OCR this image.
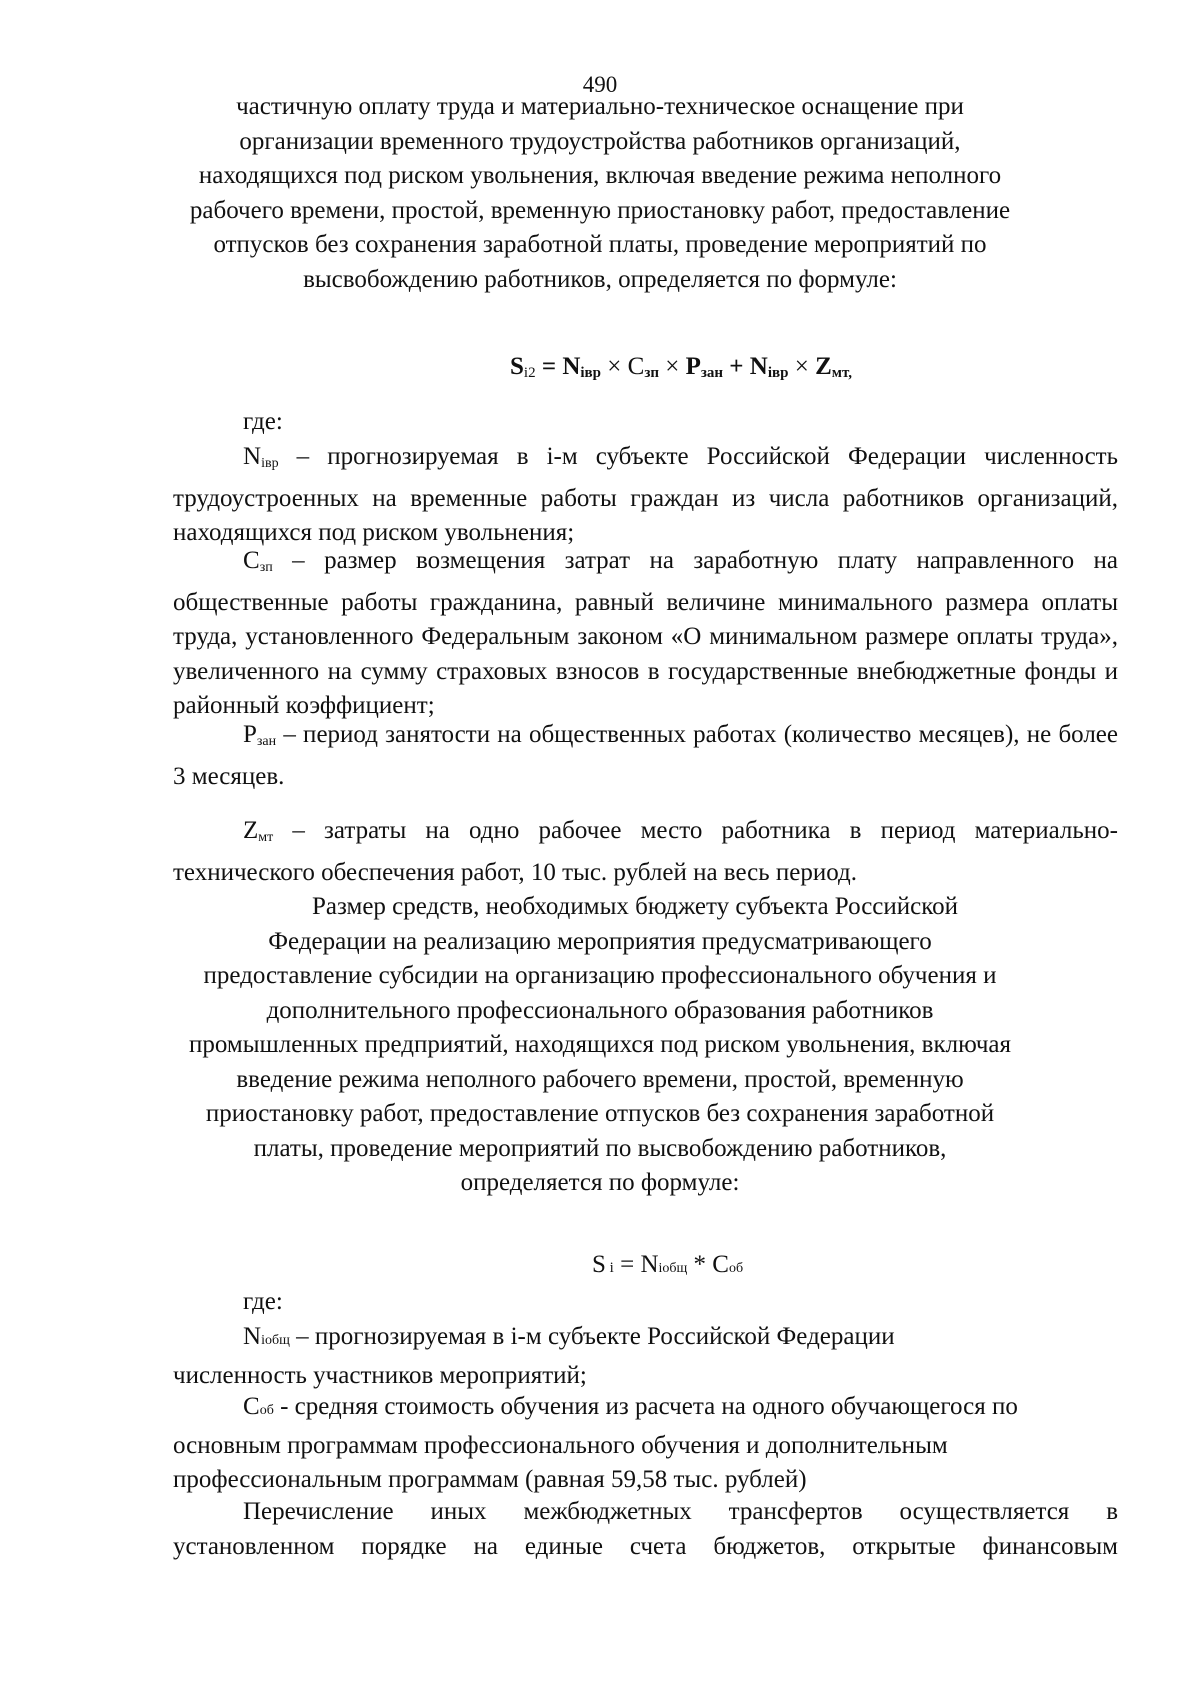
490
частичную оплату труда и материально-техническое оснащение при
организации временного трудоустройства работников организаций,
находящихся под риском увольнения, включая введение режима неполного
рабочего времени, простой, временную приостановку работ, предоставление
отпусков без сохранения заработной платы, проведение мероприятий по
высвобождению работников, определяется по формуле:
$S_{i2}$ = Niвр × Cзп × Pзан + Niвр × Zмт,
где:
$N_{iвр}$ – прогнозируемая в i-м субъекте Российской Федерации численность трудоустроенных на временные работы граждан из числа работников организаций, находящихся под риском увольнения;
$C_{зп}$ – размер возмещения затрат на заработную плату направленного на общественные работы гражданина, равный величине минимального размера оплаты труда, установленного Федеральным законом «О минимальном размере оплаты труда», увеличенного на сумму страховых взносов в государственные внебюджетные фонды и районный коэффициент;
$P_{зан}$ – период занятости на общественных работах (количество месяцев), не более 3 месяцев.
$Z_{мт}$ – затраты на одно рабочее место работника в период материально-технического обеспечения работ, 10 тыс. рублей на весь период.
Размер средств, необходимых бюджету субъекта Российской
Федерации на реализацию мероприятия предусматривающего
предоставление субсидии на организацию профессионального обучения и
дополнительного профессионального образования работников
промышленных предприятий, находящихся под риском увольнения, включая
введение режима неполного рабочего времени, простой, временную
приостановку работ, предоставление отпусков без сохранения заработной
платы, проведение мероприятий по высвобождению работников,
определяется по формуле:
S i = Niобщ * Cоб
где:
Niобщ – прогнозируемая в i-м субъекте Российской Федерации
численность участников мероприятий;
Cоб - средняя стоимость обучения из расчета на одного обучающегося по
основным программам профессионального обучения и дополнительным
профессиональным программам (равная 59,58 тыс. рублей)
Перечисление иных межбюджетных трансфертов осуществляется в установленном порядке на единые счета бюджетов, открытые финансовым
